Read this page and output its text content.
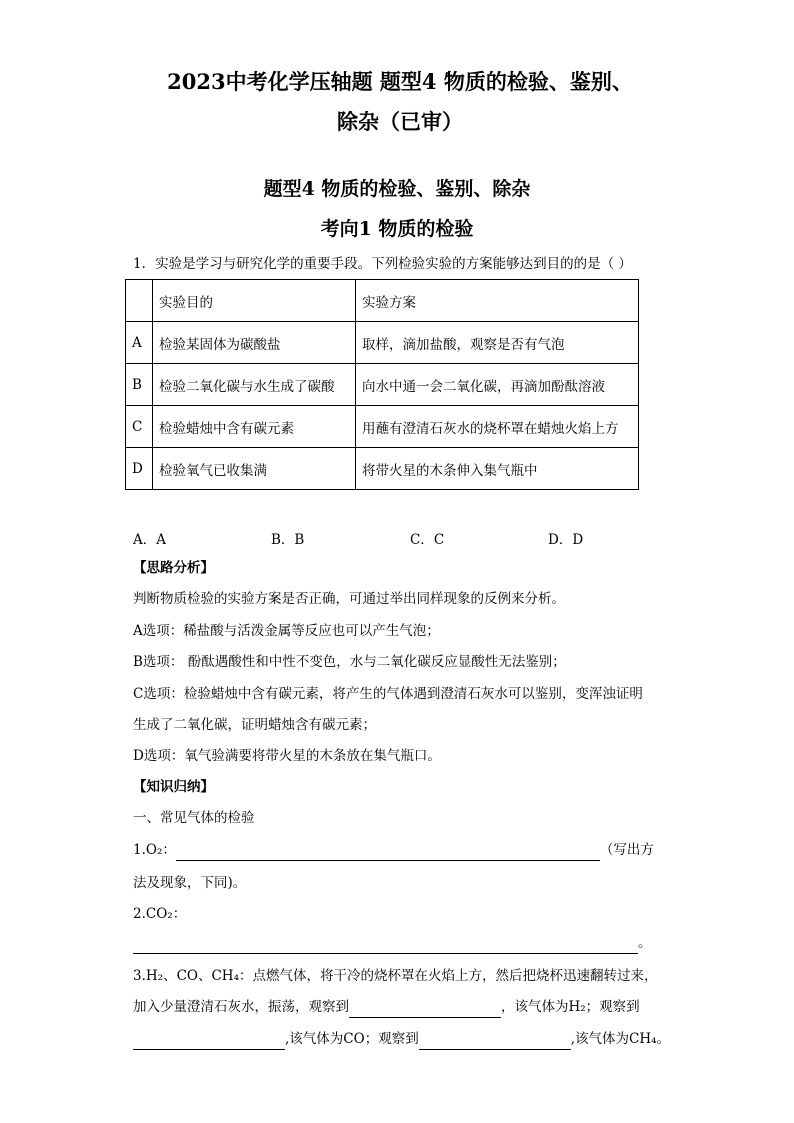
2023中考化学压轴题 题型4 物质的检验、鉴别、
除杂（已审）
题型4 物质的检验、鉴别、除杂
考向1 物质的检验
1．实验是学习与研究化学的重要手段。下列检验实验的方案能够达到目的的是（ ）
	实验目的	实验方案
A	检验某固体为碳酸盐	取样，滴加盐酸，观察是否有气泡
B	检验二氧化碳与水生成了碳酸	向水中通一会二氧化碳，再滴加酚酞溶液
C	检验蜡烛中含有碳元素	用蘸有澄清石灰水的烧杯罩在蜡烛火焰上方
D	检验氧气已收集满	将带火星的木条伸入集气瓶中
A．A	B．B	C．C	D．D
【思路分析】
判断物质检验的实验方案是否正确，可通过举出同样现象的反例来分析。
A选项：稀盐酸与活泼金属等反应也可以产生气泡；
B选项： 酚酞遇酸性和中性不变色，水与二氧化碳反应显酸性无法鉴别；
C选项：检验蜡烛中含有碳元素，将产生的气体遇到澄清石灰水可以鉴别，变浑浊证明
生成了二氧化碳，证明蜡烛含有碳元素；
D选项：氧气验满要将带火星的木条放在集气瓶口。
【知识归纳】
一、常见气体的检验
1.O₂：	（写出方
法及现象，下同)。
2.CO₂：
。
3.H₂、CO、CH₄：点燃气体，将干冷的烧杯罩在火焰上方，然后把烧杯迅速翻转过来，
加入少量澄清石灰水，振荡，观察到	，该气体为H₂；观察到
,该气体为CO；观察到	,该气体为CH₄。
